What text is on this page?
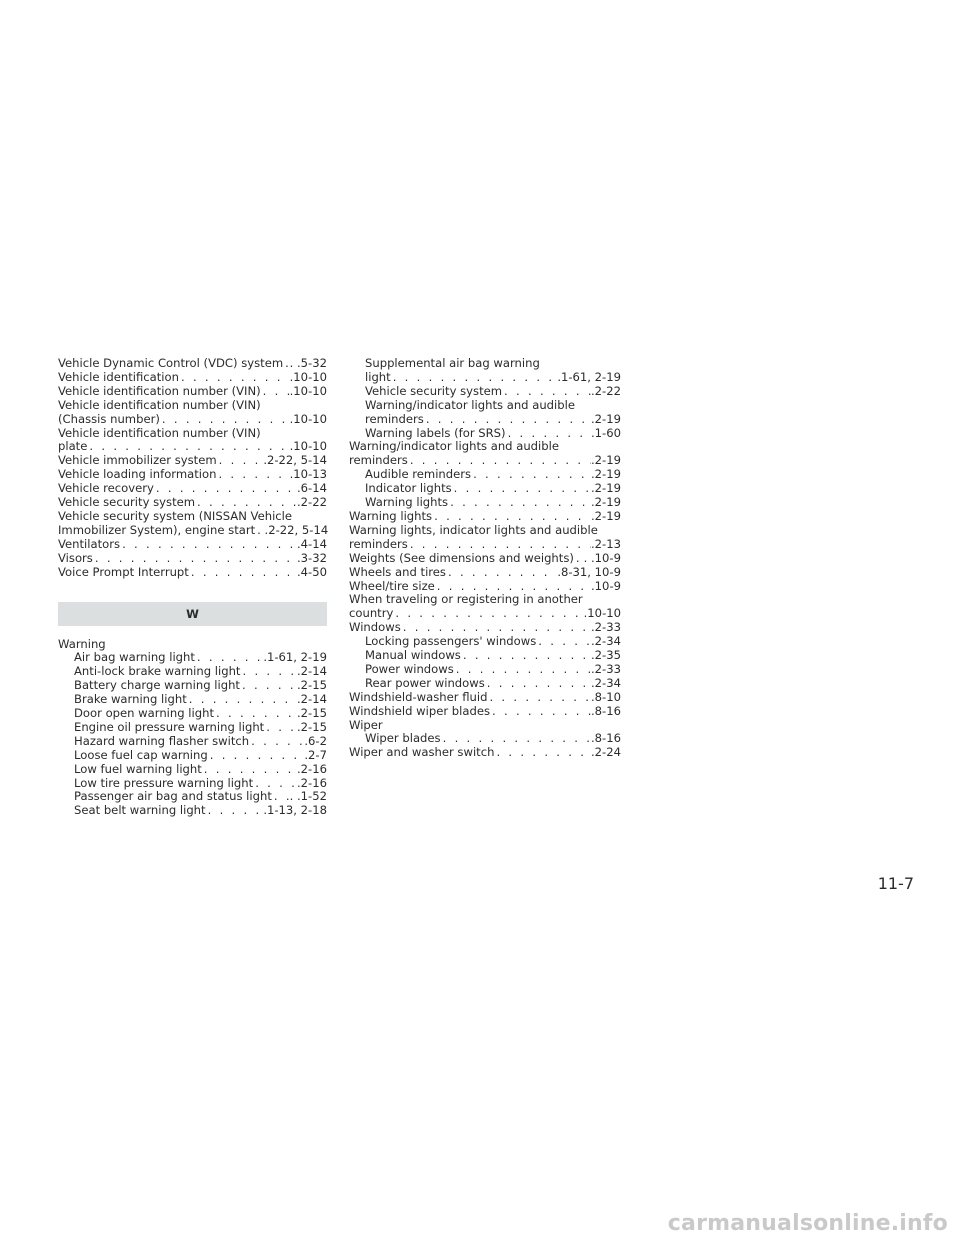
Vehicle Dynamic Control (VDC) system . . . . .5-32
Vehicle identification . . .	.10-10
Vehicle identification number (VIN) . . . .10-10
Vehicle identification number (VIN)
(Chassis number) . . .	.10-10
Vehicle identification number (VIN)
plate . . .	.10-10
Vehicle immobilizer system . . .	.2-22, 5-14
Vehicle loading information . . .	.10-13
Vehicle recovery . . .	.6-14
Vehicle security system . . .	.2-22
Vehicle security system (NISSAN Vehicle
Immobilizer System), engine start . . . . .2-22, 5-14
Ventilators . . .	.4-14
Visors . . .	.3-32
Voice Prompt Interrupt . . .	.4-50
W
Warning
Air bag warning light . . .	.1-61, 2-19
Anti-lock brake warning light . . .	.2-14
Battery charge warning light . . .	.2-15
Brake warning light . . .	.2-14
Door open warning light . . .	.2-15
Engine oil pressure warning light . . .	.2-15
Hazard warning flasher switch . . .	.6-2
Loose fuel cap warning . . .	.2-7
Low fuel warning light . . .	.2-16
Low tire pressure warning light . . .	.2-16
Passenger air bag and status light . . . . .1-52
Seat belt warning light . . .	.1-13, 2-18
Supplemental air bag warning
light . . .	.1-61, 2-19
Vehicle security system . . .	.2-22
Warning/indicator lights and audible
reminders . . .	.2-19
Warning labels (for SRS) . . .	.1-60
Warning/indicator lights and audible
reminders . . .	.2-19
Audible reminders . . .	.2-19
Indicator lights . . .	.2-19
Warning lights . . .	.2-19
Warning lights . . .	.2-19
Warning lights, indicator lights and audible
reminders . . .	.2-13
Weights (See dimensions and weights) . . . . .10-9
Wheels and tires . . .	.8-31, 10-9
Wheel/tire size . . .	.10-9
When traveling or registering in another
country . . .	.10-10
Windows . . .	.2-33
Locking passengers' windows . . .	.2-34
Manual windows . . .	.2-35
Power windows . . .	.2-33
Rear power windows . . .	.2-34
Windshield-washer fluid . . .	.8-10
Windshield wiper blades . . .	.8-16
Wiper
Wiper blades . . .	.8-16
Wiper and washer switch . . .	.2-24
11-7
carmanualsonline.info
